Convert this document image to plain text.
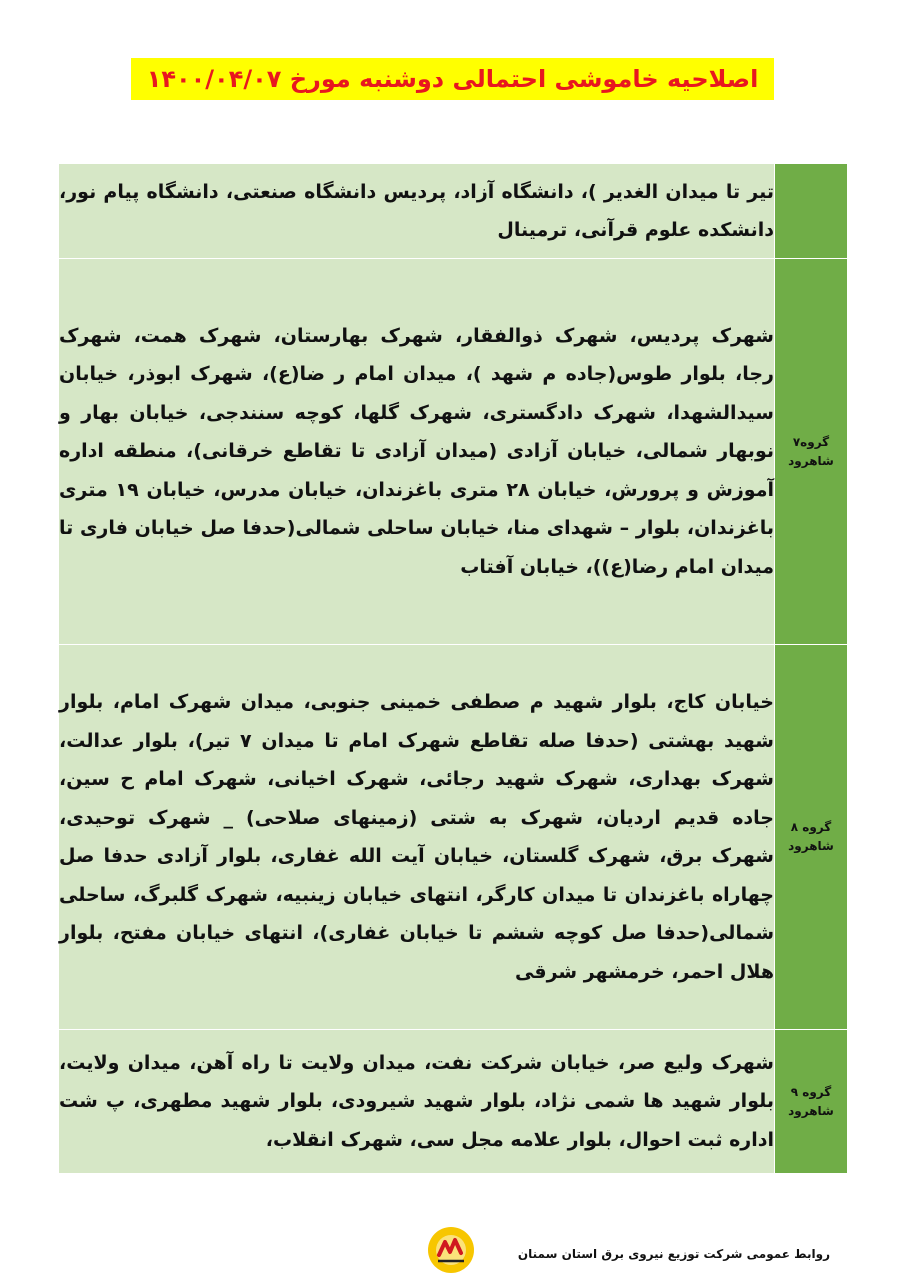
اصلاحیه خاموشی احتمالی دوشنبه مورخ ۱۴۰۰/۰۴/۰۷
	تیر تا میدان الغدیر )، دانشگاه آزاد، پردیس دانشگاه صنعتی، دانشگاه پیام نور، دانشکده علوم قرآنی، ترمینال

گروه۷
شاهرود	شهرک پردیس، شهرک ذوالفقار، شهرک بهارستان، شهرک همت، شهرک رجا، بلوار طوس(جاده م شهد )، میدان امام ر ضا(ع)، شهرک ابوذر، خیابان سیدالشهدا، شهرک دادگستری، شهرک گلها، کوچه سنندجی، خیابان بهار و نوبهار شمالی، خیابان آزادی (میدان آزادی تا تقاطع خرقانی)، منطقه اداره آموزش و پرورش، خیابان ۲۸ متری باغزندان، خیابان مدرس، خیابان ۱۹ متری باغزندان، بلوار – شهدای منا، خیابان ساحلی شمالی(حدفا صل خیابان فاری تا میدان امام رضا(ع))، خیابان آفتاب

گروه ۸
شاهرود	خیابان کاج، بلوار شهید م صطفی خمینی جنوبی، میدان شهرک امام، بلوار شهید بهشتی (حدفا صله تقاطع شهرک امام تا میدان ۷ تیر)، بلوار عدالت، شهرک بهداری، شهرک شهید رجائی، شهرک اخیانی، شهرک امام ح سین، جاده قدیم اردیان، شهرک به شتی (زمینهای صلاحی) _ شهرک توحیدی، شهرک برق، شهرک گلستان، خیابان آیت الله غفاری، بلوار آزادی حدفا صل چهاراه باغزندان تا میدان کارگر، انتهای خیابان زینبیه، شهرک گلبرگ، ساحلی شمالی(حدفا صل کوچه ششم تا خیابان غفاری)، انتهای خیابان مفتح، بلوار هلال احمر، خرمشهر شرقی

گروه ۹
شاهرود	شهرک ولیع صر، خیابان شرکت نفت، میدان ولایت تا راه آهن، میدان ولایت، بلوار شهید ها شمی نژاد، بلوار شهید شیرودی، بلوار شهید مطهری، پ شت اداره ثبت احوال، بلوار علامه مجل سی، شهرک انقلاب،
روابط عمومی شرکت توزیع نیروی برق استان سمنان
